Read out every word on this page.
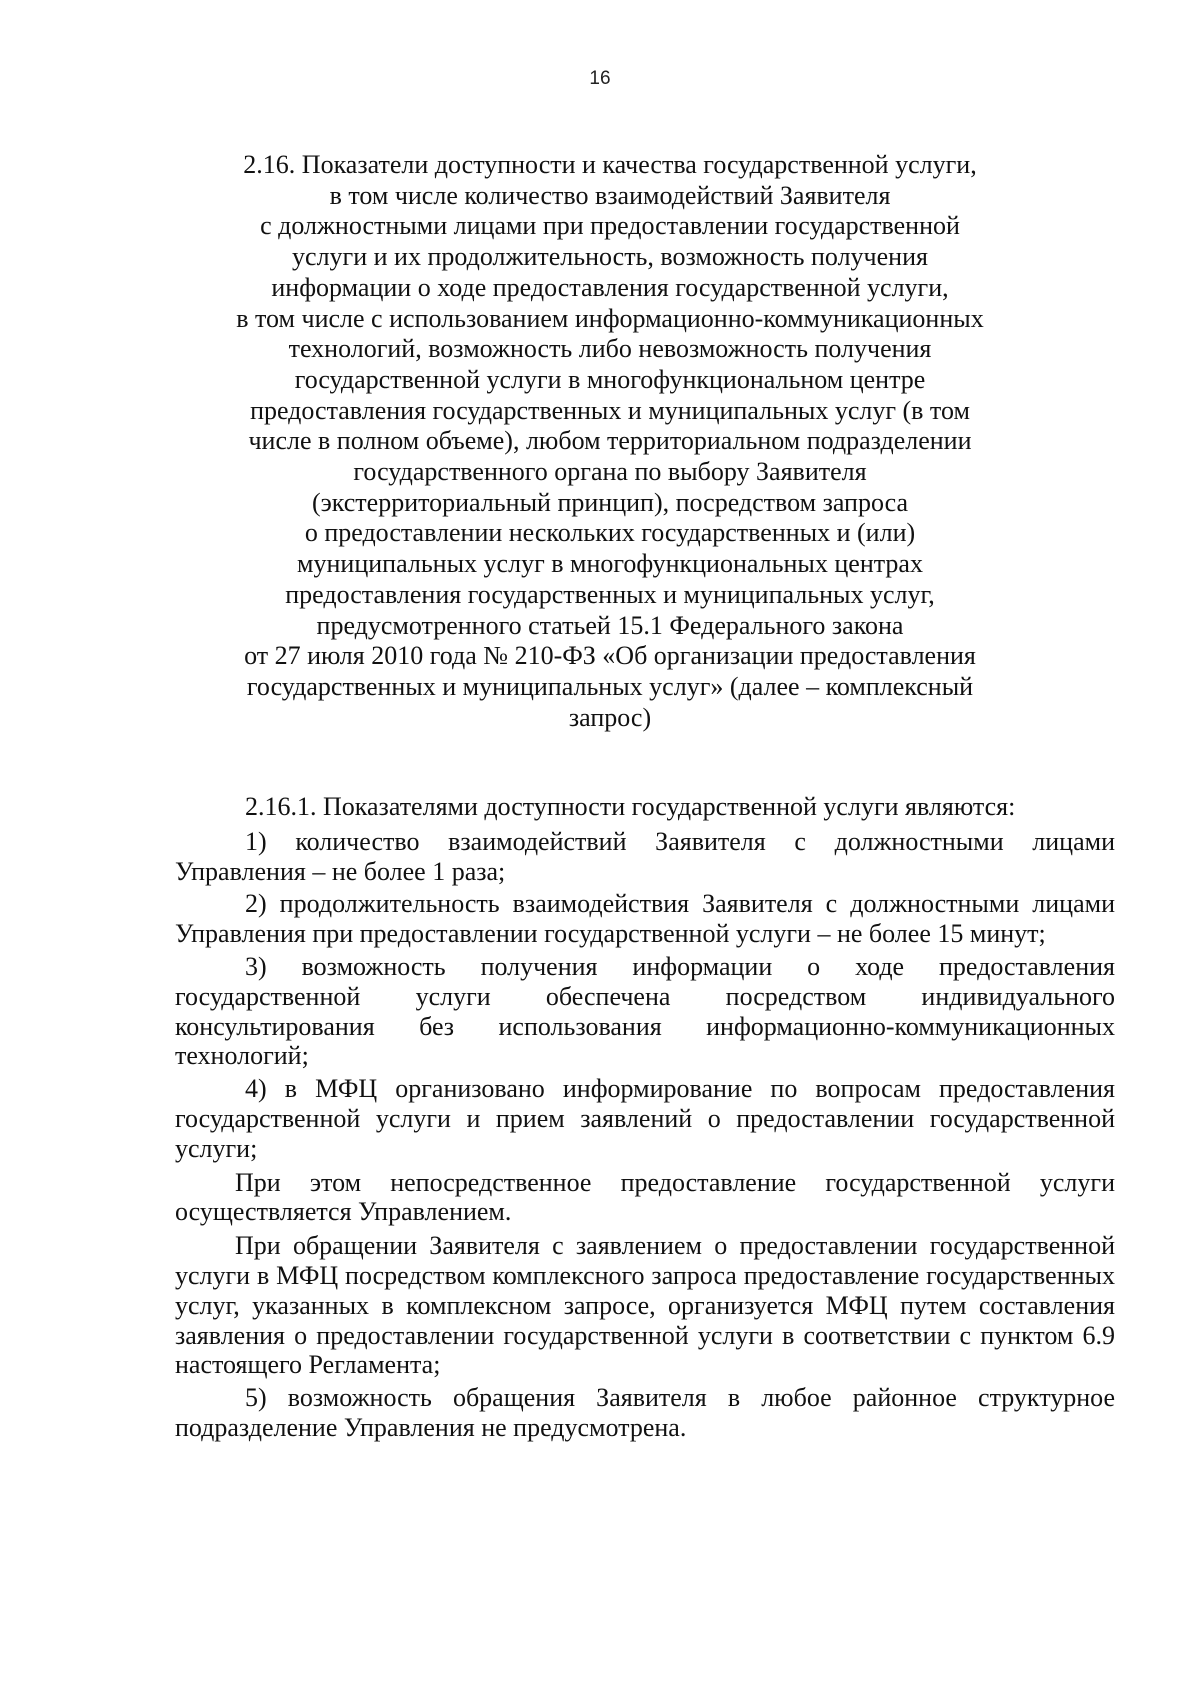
16
2.16. Показатели доступности и качества государственной услуги,
в том числе количество взаимодействий Заявителя
с должностными лицами при предоставлении государственной
услуги и их продолжительность, возможность получения
информации о ходе предоставления государственной услуги,
в том числе с использованием информационно-коммуникационных
технологий, возможность либо невозможность получения
государственной услуги в многофункциональном центре
предоставления государственных и муниципальных услуг (в том
числе в полном объеме), любом территориальном подразделении
государственного органа по выбору Заявителя
(экстерриториальный принцип), посредством запроса
о предоставлении нескольких государственных и (или)
муниципальных услуг в многофункциональных центрах
предоставления государственных и муниципальных услуг,
предусмотренного статьей 15.1 Федерального закона
от 27 июля 2010 года № 210-ФЗ «Об организации предоставления
государственных и муниципальных услуг» (далее – комплексный
запрос)

2.16.1. Показателями доступности государственной услуги являются:

1) количество взаимодействий Заявителя с должностными лицами Управления – не более 1 раза;

2) продолжительность взаимодействия Заявителя с должностными лицами Управления при предоставлении государственной услуги – не более 15 минут;

3) возможность получения информации о ходе предоставления государственной услуги обеспечена посредством индивидуального консультирования без использования информационно-коммуникационных технологий;

4) в МФЦ организовано информирование по вопросам предоставления государственной услуги и прием заявлений о предоставлении государственной услуги;

При этом непосредственное предоставление государственной услуги осуществляется Управлением.

При обращении Заявителя с заявлением о предоставлении государственной услуги в МФЦ посредством комплексного запроса предоставление государственных услуг, указанных в комплексном запросе, организуется МФЦ путем составления заявления о предоставлении государственной услуги в соответствии с пунктом 6.9 настоящего Регламента;

5) возможность обращения Заявителя в любое районное структурное подразделение Управления не предусмотрена.
